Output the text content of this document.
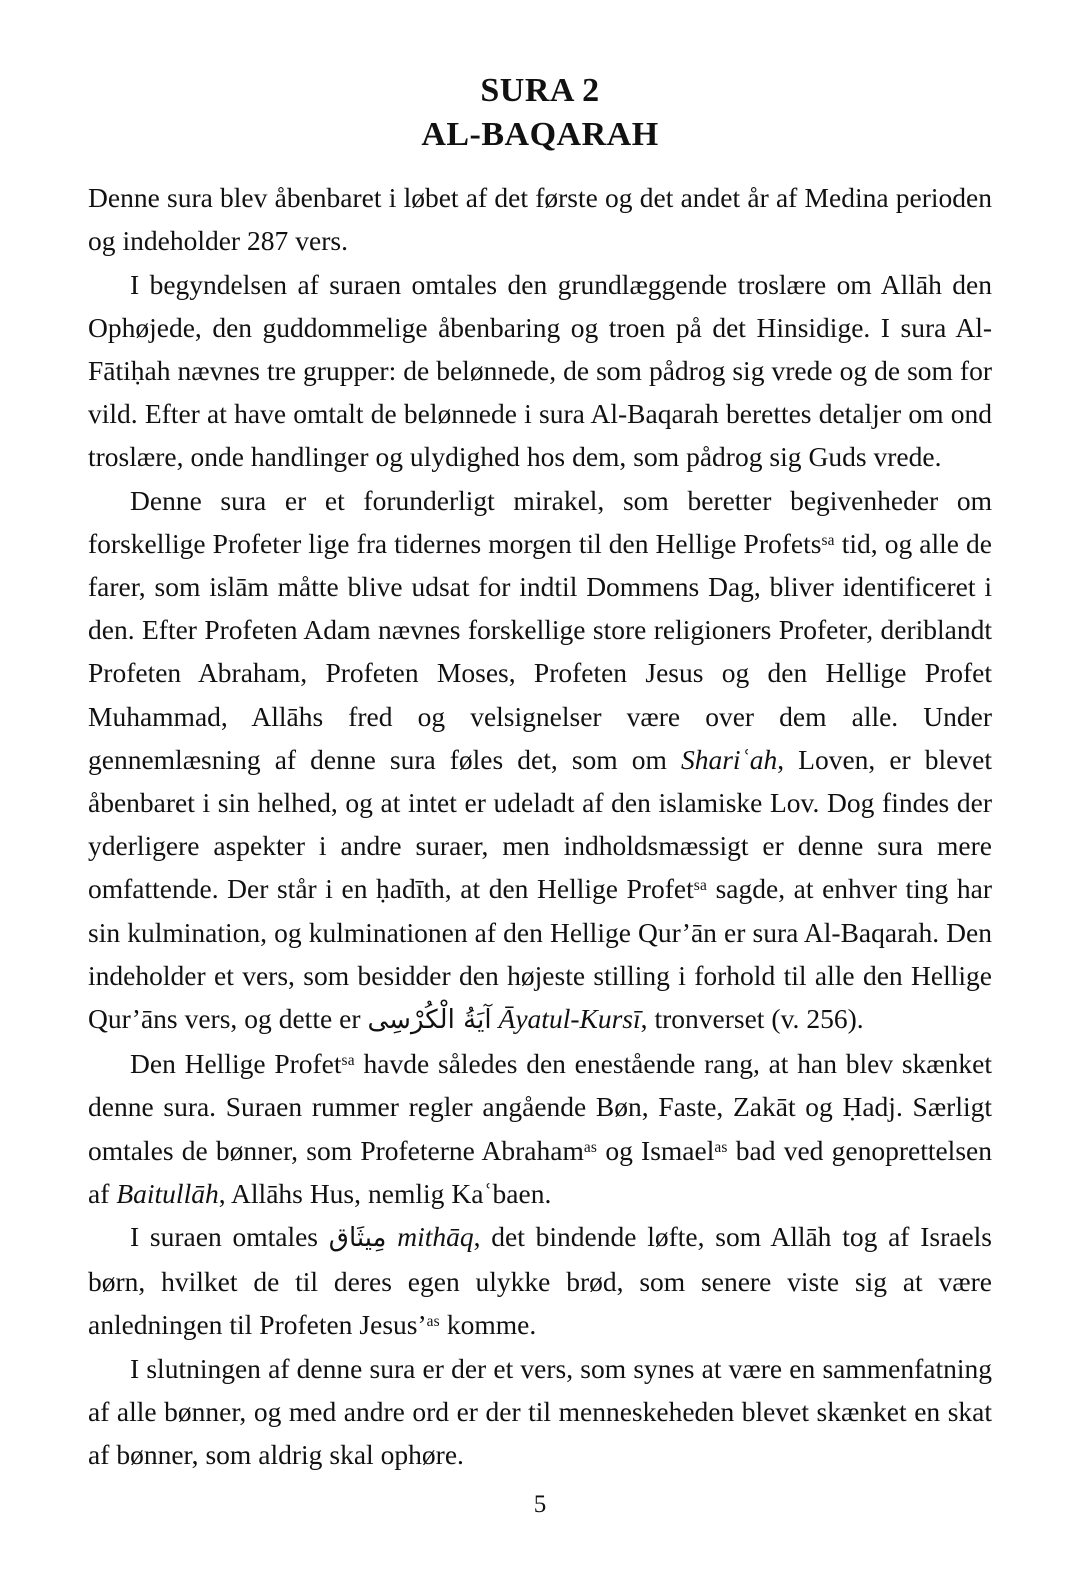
SURA 2
AL-BAQARAH

Denne sura blev åbenbaret i løbet af det første og det andet år af Medina perioden og indeholder 287 vers.

I begyndelsen af suraen omtales den grundlæggende troslære om Allāh den Ophøjede, den guddommelige åbenbaring og troen på det Hinsidige. I sura Al-Fātiḥah nævnes tre grupper: de belønnede, de som pådrog sig vrede og de som for vild. Efter at have omtalt de belønnede i sura Al-Baqarah berettes detaljer om ond troslære, onde handlinger og ulydighed hos dem, som pådrog sig Guds vrede.

Denne sura er et forunderligt mirakel, som beretter begivenheder om forskellige Profeter lige fra tidernes morgen til den Hellige Profets$^{sa}$ tid, og alle de farer, som islām måtte blive udsat for indtil Dommens Dag, bliver identificeret i den. Efter Profeten Adam nævnes forskellige store religioners Profeter, deriblandt Profeten Abraham, Profeten Moses, Profeten Jesus og den Hellige Profet Muhammad, Allāhs fred og velsignelser være over dem alle. Under gennemlæsning af denne sura føles det, som om Shariʿah, Loven, er blevet åbenbaret i sin helhed, og at intet er udeladt af den islamiske Lov. Dog findes der yderligere aspekter i andre suraer, men indholdsmæssigt er denne sura mere omfattende. Der står i en ḥadīth, at den Hellige Profet$^{sa}$ sagde, at enhver ting har sin kulmination, og kulminationen af den Hellige Qur’ān er sura Al-Baqarah. Den indeholder et vers, som besidder den højeste stilling i forhold til alle den Hellige Qur’āns vers, og dette er آيَةُ الْكُرْسِى Āyatul-Kursī, tronverset (v. 256).

Den Hellige Profet$^{sa}$ havde således den enestående rang, at han blev skænket denne sura. Suraen rummer regler angående Bøn, Faste, Zakāt og Ḥadj. Særligt omtales de bønner, som Profeterne Abraham$^{as}$ og Ismael$^{as}$ bad ved genoprettelsen af Baitullāh, Allāhs Hus, nemlig Kaʿbaen.

I suraen omtales مِيثَاق mithāq, det bindende løfte, som Allāh tog af Israels børn, hvilket de til deres egen ulykke brød, som senere viste sig at være anledningen til Profeten Jesus’$^{as}$ komme.

I slutningen af denne sura er der et vers, som synes at være en sammenfatning af alle bønner, og med andre ord er der til menneskeheden blevet skænket en skat af bønner, som aldrig skal ophøre.

5
